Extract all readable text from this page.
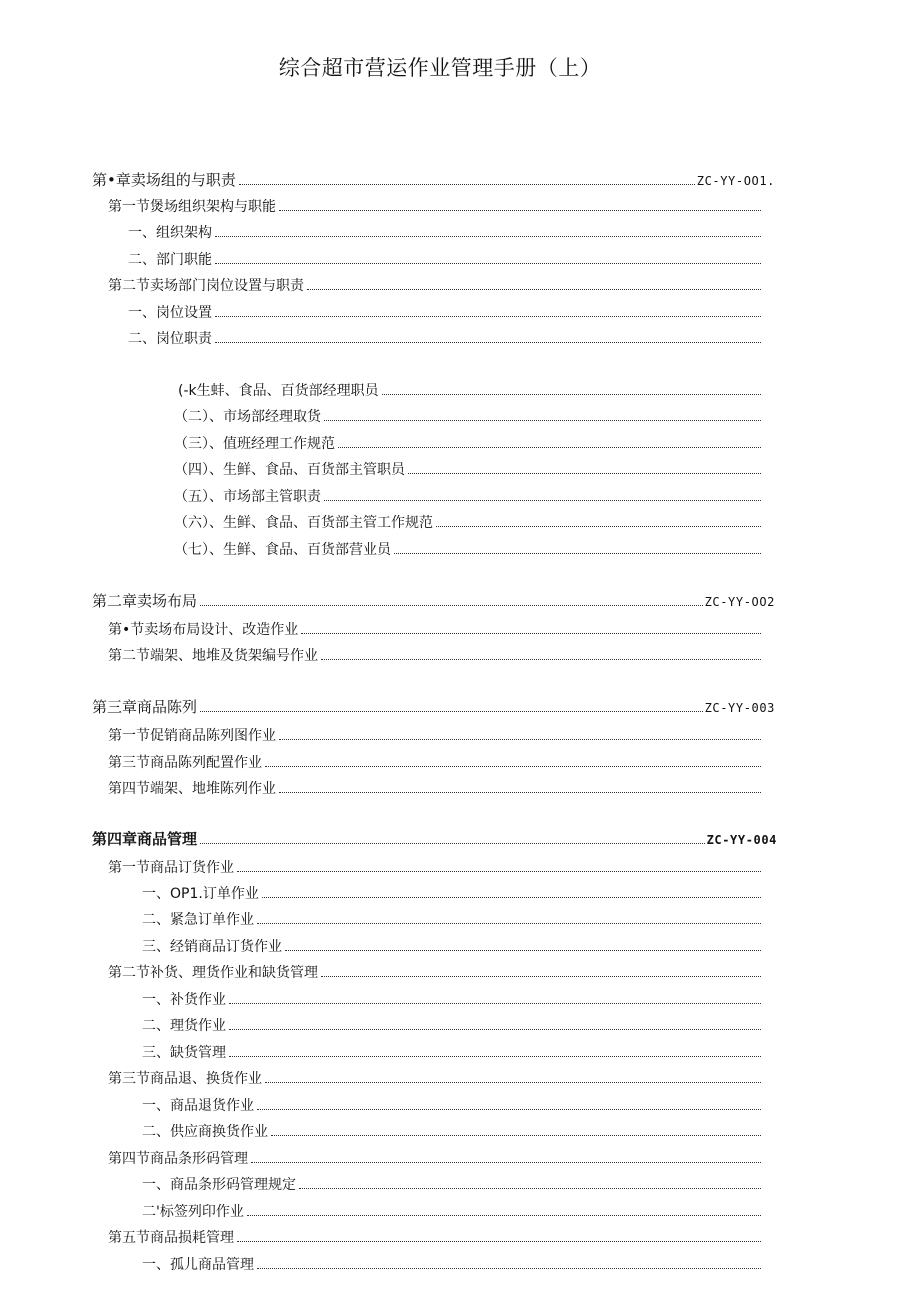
综合超市营运作业管理手册（上）
第•章卖场组的与职责	ZC-YY-OO1.
第一节煲场组织架构与职能
一、组织架构
二、部门职能
第二节卖场部门岗位设置与职责
一、岗位设置
二、岗位职责
(-k生蚌、食品、百货部经理职员
（二）、市场部经理取货
（三）、值班经理工作规范
（四）、生鲜、食品、百货部主管职员
（五）、市场部主管职责
（六）、生鲜、食品、百货部主管工作规范
（七）、生鲜、食品、百货部营业员
第二章卖场布局	ZC-YY-OO2
第•节卖场布局设计、改造作业
第二节端架、地堆及货架编号作业
第三章商品陈列	ZC-YY-003
第一节促销商品陈列图作业
第三节商品陈列配置作业
第四节端架、地堆陈列作业
第四章商品管理	ZC-YY-004
第一节商品订货作业
一、OP1.订单作业
二、紧急订单作业
三、经销商品订货作业
第二节补货、理货作业和缺货管理
一、补货作业
二、理货作业
三、缺货管理
第三节商品退、换货作业
一、商品退货作业
二、供应商换货作业
第四节商品条形码管理
一、商品条形码管理规定
二'标签列印作业
第五节商品损耗管理
一、孤儿商品管理
